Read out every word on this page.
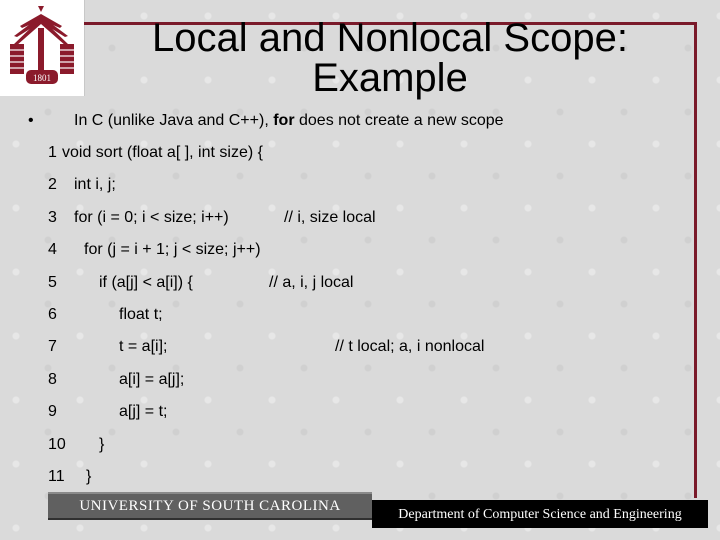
1801
Local and Nonlocal Scope: Example
•	In C (unlike Java and C++), for does not create a new scope
1 void sort (float a[ ], int size) {
2 int i, j;
3 for (i = 0; i < size; i++)	// i, size local
4 for (j = i + 1; j < size; j++)
5	if (a[j] < a[i]) {	// a, i, j local
6	float t;
7	t = a[i];	// t local; a, i nonlocal
8	a[i] = a[j];
9	a[j] = t;
10 }
11 }
UNIVERSITY OF SOUTH CAROLINA
Department of Computer Science and Engineering
